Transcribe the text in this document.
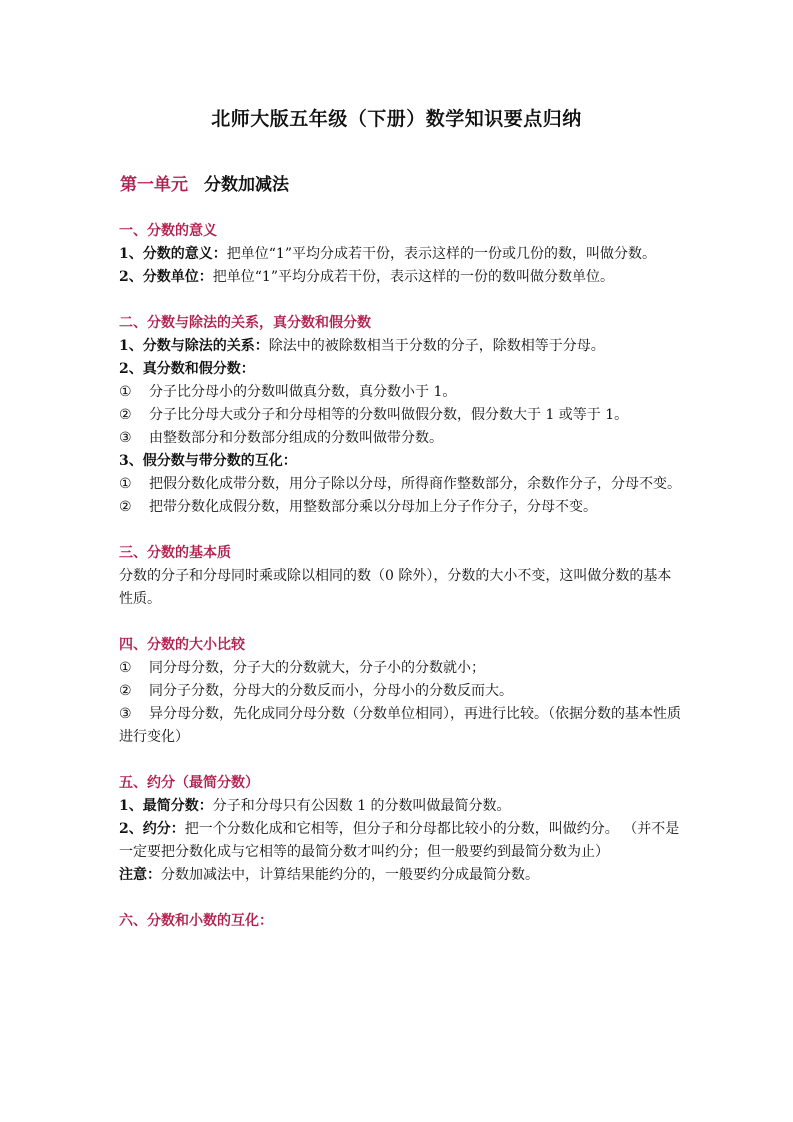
北师大版五年级（下册）数学知识要点归纳
第一单元 分数加减法

一、分数的意义

1、分数的意义：把单位“1”平均分成若干份，表示这样的一份或几份的数，叫做分数。

2、分数单位：把单位“1”平均分成若干份，表示这样的一份的数叫做分数单位。

二、分数与除法的关系，真分数和假分数

1、分数与除法的关系：除法中的被除数相当于分数的分子，除数相等于分母。

2、真分数和假分数：

① 分子比分母小的分数叫做真分数，真分数小于 1。

② 分子比分母大或分子和分母相等的分数叫做假分数，假分数大于 1 或等于 1。

③ 由整数部分和分数部分组成的分数叫做带分数。

3、假分数与带分数的互化：

① 把假分数化成带分数，用分子除以分母，所得商作整数部分，余数作分子，分母不变。

② 把带分数化成假分数，用整数部分乘以分母加上分子作分子，分母不变。

三、分数的基本质

分数的分子和分母同时乘或除以相同的数（0 除外），分数的大小不变，这叫做分数的基本性质。

四、分数的大小比较

① 同分母分数，分子大的分数就大，分子小的分数就小；

② 同分子分数，分母大的分数反而小，分母小的分数反而大。

③ 异分母分数，先化成同分母分数（分数单位相同），再进行比较。（依据分数的基本性质进行变化）

五、约分（最简分数）

1、最简分数：分子和分母只有公因数 1 的分数叫做最简分数。

2、约分：把一个分数化成和它相等，但分子和分母都比较小的分数，叫做约分。 （并不是一定要把分数化成与它相等的最简分数才叫约分；但一般要约到最简分数为止）

注意：分数加减法中，计算结果能约分的，一般要约分成最简分数。

六、分数和小数的互化：
